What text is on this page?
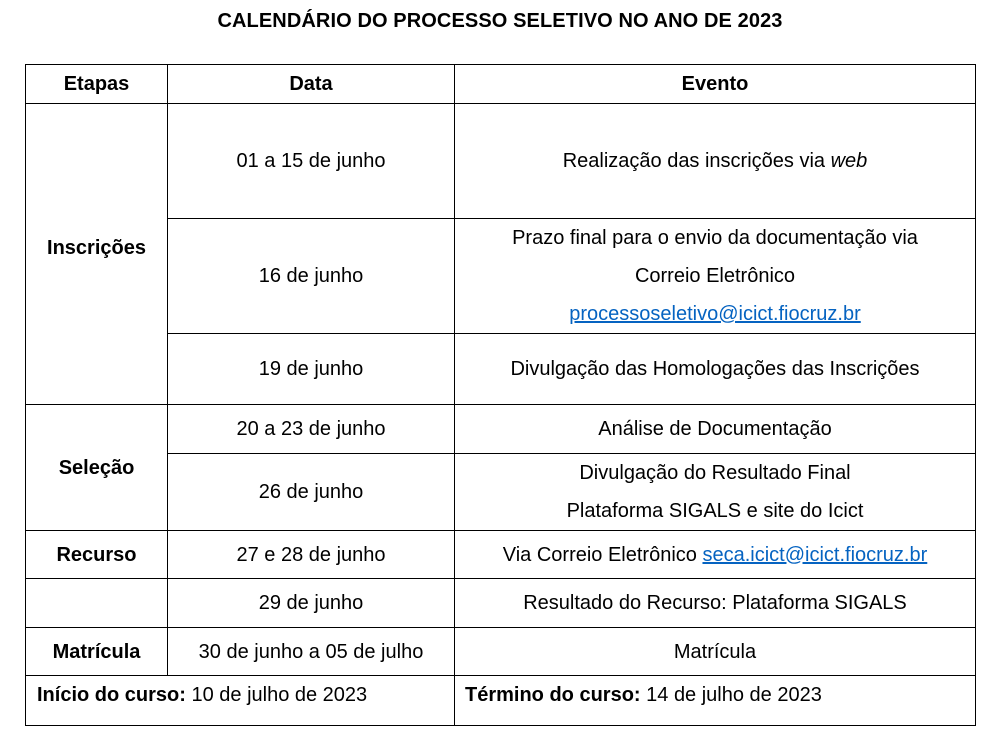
CALENDÁRIO DO PROCESSO SELETIVO NO ANO DE 2023
Etapas	Data	Evento
Inscrições	01 a 15 de junho	Realização das inscrições via web
	16 de junho	Prazo final para o envio da documentação via
Correio Eletrônico
processoseletivo@icict.fiocruz.br

	19 de junho	Divulgação das Homologações das Inscrições
Seleção	20 a 23 de junho	Análise de Documentação
	26 de junho	Divulgação do Resultado Final
Plataforma SIGALS e site do Icict

Recurso	27 e 28 de junho	Via Correio Eletrônico seca.icict@icict.fiocruz.br
	29 de junho	Resultado do Recurso: Plataforma SIGALS
Matrícula	30 de junho a 05 de julho	Matrícula
Início do curso: 10 de julho de 2023		Término do curso: 14 de julho de 2023
